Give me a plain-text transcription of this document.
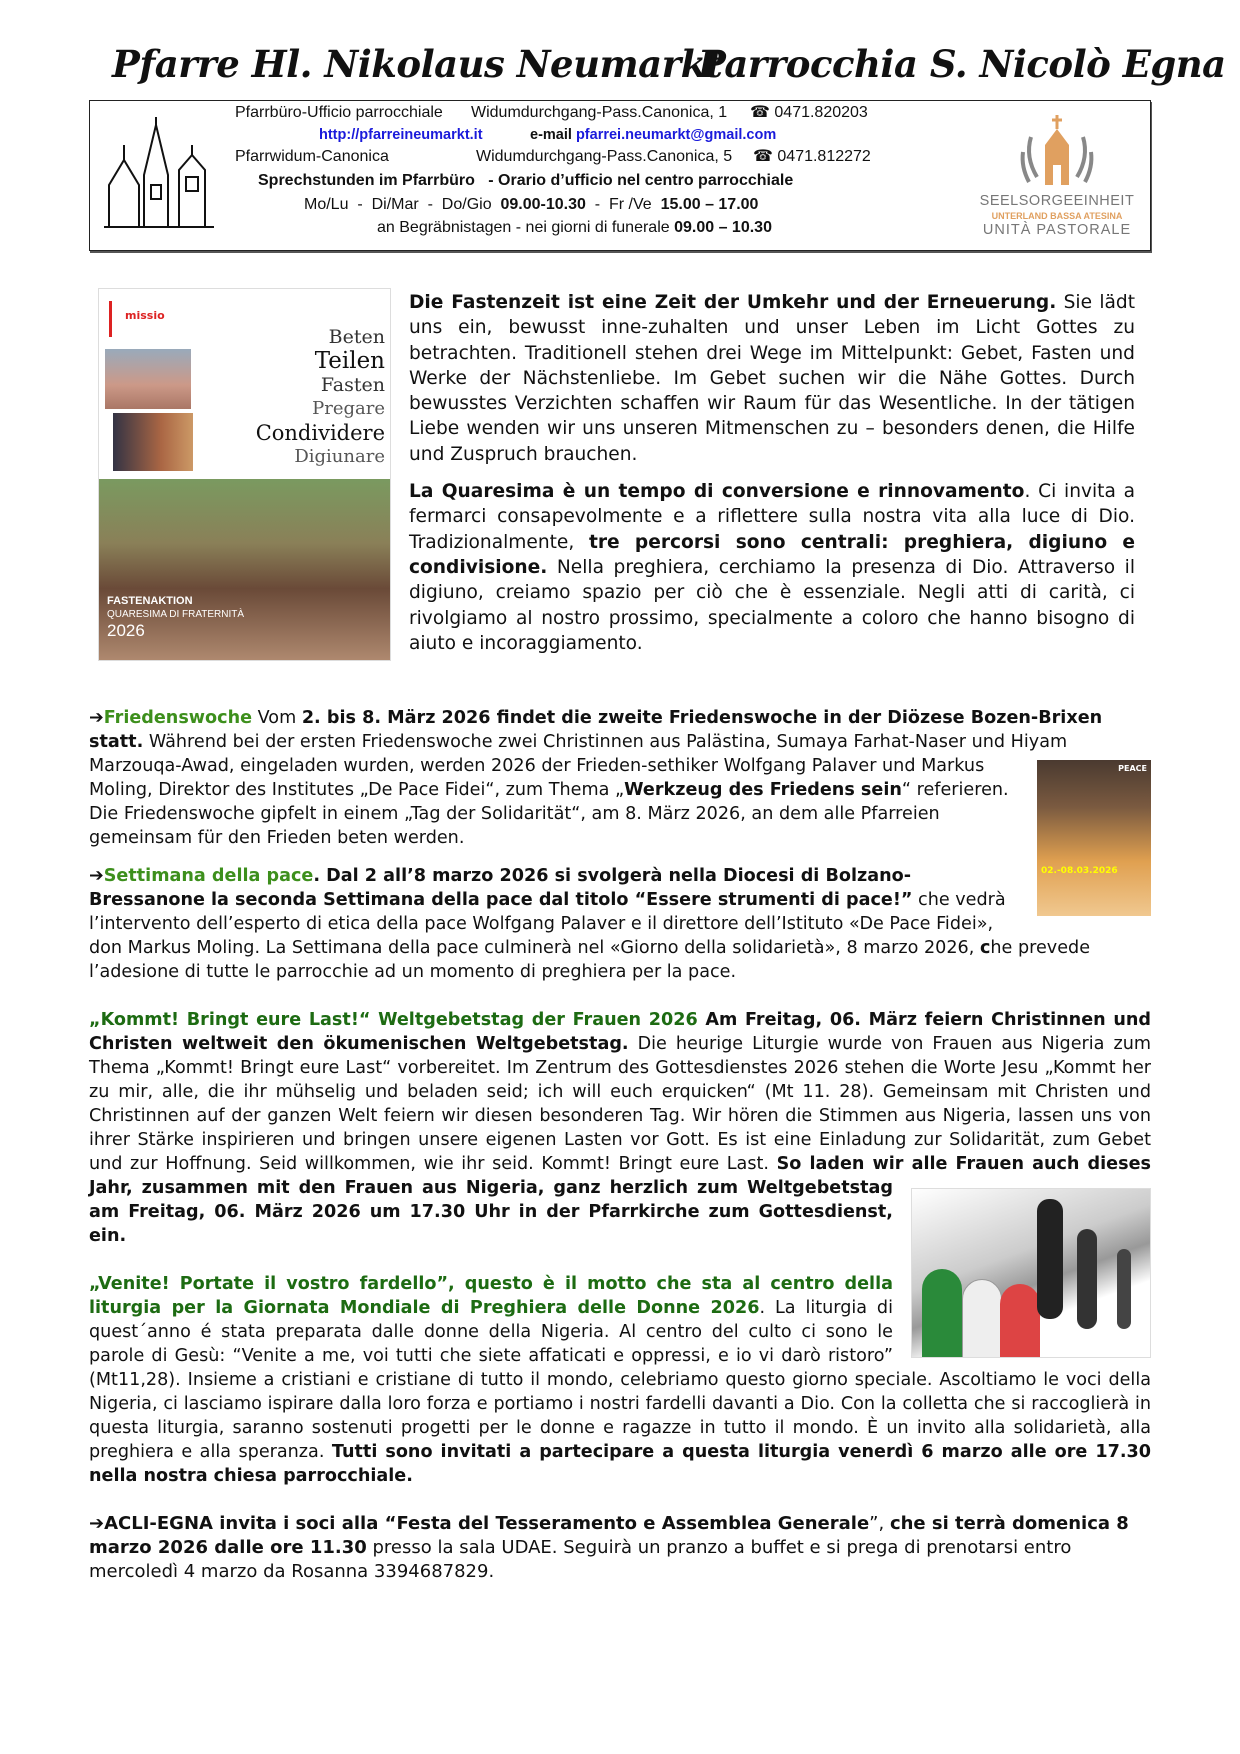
Pfarre Hl. Nikolaus Neumarkt
Parrocchia S. Nicolò Egna
Pfarrbüro-Ufficio parrocchiale Widumdurchgang-Pass.Canonica, 1 ☎ 0471.820203
http://pfarreineumarkt.it	e-mail pfarrei.neumarkt@gmail.com
Pfarrwidum-Canonica	Widumdurchgang-Pass.Canonica, 5 ☎ 0471.812272
Sprechstunden im Pfarrbüro   - Orario d’ufficio nel centro parrocchiale
Mo/Lu  -  Di/Mar  -  Do/Gio 09.00-10.30  -  Fr /Ve 15.00 – 17.00
an Begräbnistagen - nei giorni di funerale 09.00 – 10.30
SEELSORGEEINHEIT
UNTERLAND BASSA ATESINA
UNITÀ PASTORALE
missio
Beten
Teilen
Fasten
Pregare
Condividere
Digiunare
FASTENAKTION
QUARESIMA DI FRATERNITÀ
2026

Die Fastenzeit ist eine Zeit der Umkehr und der Erneuerung. Sie lädt uns ein, bewusst inne-zuhalten und unser Leben im Licht Gottes zu betrachten. Traditionell stehen drei Wege im Mittelpunkt: Gebet, Fasten und Werke der Nächstenliebe. Im Gebet suchen wir die Nähe Gottes. Durch bewusstes Verzichten schaffen wir Raum für das Wesentliche. In der tätigen Liebe wenden wir uns unseren Mitmenschen zu – besonders denen, die Hilfe und Zuspruch brauchen.

La Quaresima è un tempo di conversione e rinnovamento. Ci invita a fermarci consapevolmente e a riflettere sulla nostra vita alla luce di Dio. Tradizionalmente, tre percorsi sono centrali: preghiera, digiuno e condivisione. Nella preghiera, cerchiamo la presenza di Dio. Attraverso il digiuno, creiamo spazio per ciò che è essenziale. Negli atti di carità, ci rivolgiamo al nostro prossimo, specialmente a coloro che hanno bisogno di aiuto e incoraggiamento.

PEACE
02.-08.03.2026

➔Friedenswoche Vom 2. bis 8. März 2026 findet die zweite Friedenswoche in der Diözese Bozen-Brixen statt. Während bei der ersten Friedenswoche zwei Christinnen aus Palästina, Sumaya Farhat-Naser und Hiyam Marzouqa-Awad, eingeladen wurden, werden 2026 der Frieden-sethiker Wolfgang Palaver und Markus Moling, Direktor des Institutes „De Pace Fidei“, zum Thema „Werkzeug des Friedens sein“ referieren. Die Friedenswoche gipfelt in einem „Tag der Solidarität“, am 8. März 2026, an dem alle Pfarreien gemeinsam für den Frieden beten werden.

➔Settimana della pace. Dal 2 all’8 marzo 2026 si svolgerà nella Diocesi di Bolzano-Bressanone la seconda Settimana della pace dal titolo “Essere strumenti di pace!” che vedrà l’intervento dell’esperto di etica della pace Wolfgang Palaver e il direttore dell’Istituto «De Pace Fidei», don Markus Moling. La Settimana della pace culminerà nel «Giorno della solidarietà», 8 marzo 2026, che prevede l’adesione di tutte le parrocchie ad un momento di preghiera per la pace.

„Kommt! Bringt eure Last!“ Weltgebetstag der Frauen 2026 Am Freitag, 06. März feiern Christinnen und Christen weltweit den ökumenischen Weltgebetstag. Die heurige Liturgie wurde von Frauen aus Nigeria zum Thema „Kommt! Bringt eure Last“ vorbereitet. Im Zentrum des Gottesdienstes 2026 stehen die Worte Jesu „Kommt her zu mir, alle, die ihr mühselig und beladen seid; ich will euch erquicken“ (Mt 11. 28). Gemeinsam mit Christen und Christinnen auf der ganzen Welt feiern wir diesen besonderen Tag. Wir hören die Stimmen aus Nigeria, lassen uns von ihrer Stärke inspirieren und bringen unsere eigenen Lasten vor Gott. Es ist eine Einladung zur Solidarität, zum Gebet und zur Hoffnung. Seid willkommen, wie ihr seid. Kommt! Bringt eure Last. So laden wir alle Frauen auch dieses Jahr, zusammen mit den Frauen aus Nigeria, ganz herzlich zum Weltgebetstag am Freitag, 06. März 2026 um 17.30 Uhr in der Pfarrkirche zum Gottesdienst, ein.

„Venite! Portate il vostro fardello”, questo è il motto che sta al centro della liturgia per la Giornata Mondiale di Preghiera delle Donne 2026. La liturgia di quest´anno é stata preparata dalle donne della Nigeria. Al centro del culto ci sono le parole di Gesù: “Venite a me, voi tutti che siete affaticati e oppressi, e io vi darò ristoro” (Mt11,28). Insieme a cristiani e cristiane di tutto il mondo, celebriamo questo giorno speciale. Ascoltiamo le voci della Nigeria, ci lasciamo ispirare dalla loro forza e portiamo i nostri fardelli davanti a Dio. Con la colletta che si raccoglierà in questa liturgia, saranno sostenuti progetti per le donne e ragazze in tutto il mondo. È un invito alla solidarietà, alla preghiera e alla speranza. Tutti sono invitati a partecipare a questa liturgia venerdì 6 marzo alle ore 17.30 nella nostra chiesa parrocchiale.

➔ACLI-EGNA invita i soci alla “Festa del Tesseramento e Assemblea Generale”, che si terrà domenica 8 marzo 2026 dalle ore 11.30 presso la sala UDAE. Seguirà un pranzo a buffet e si prega di prenotarsi entro mercoledì 4 marzo da Rosanna 3394687829.
